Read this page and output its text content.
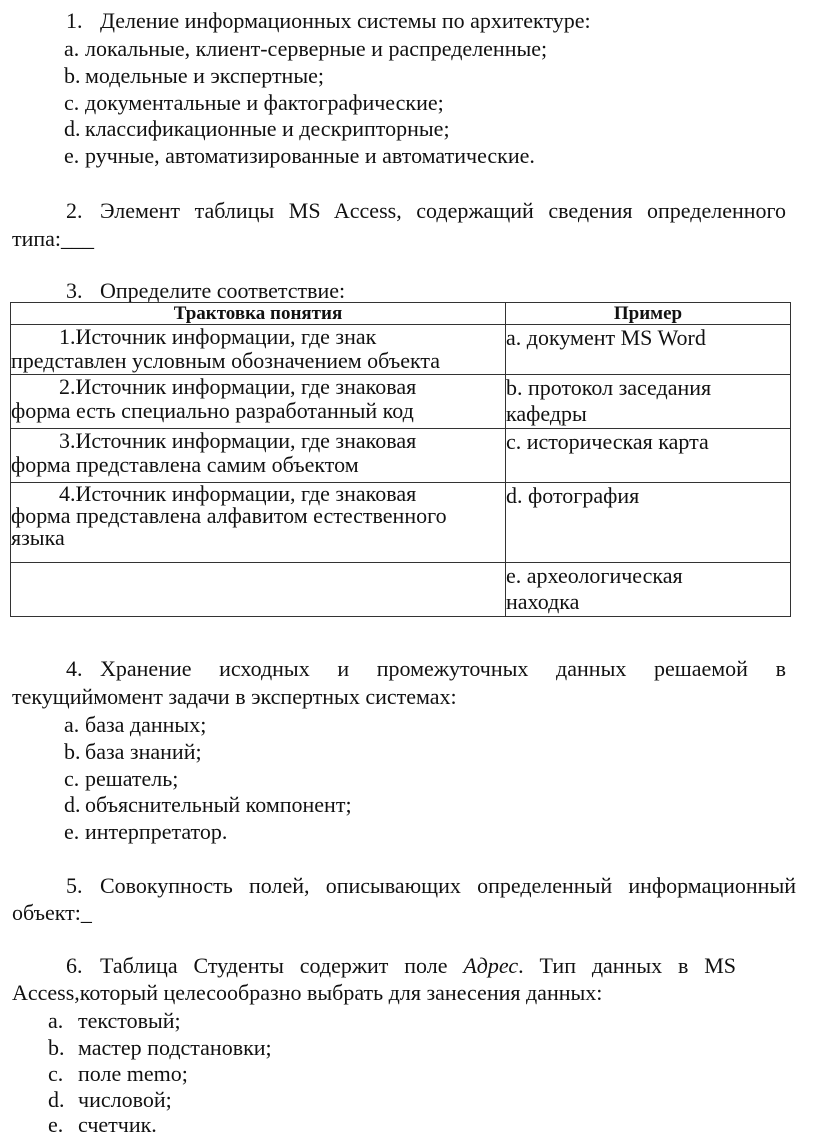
1. Деление информационных системы по архитектуре:
a. локальные, клиент-серверные и распределенные;
b. модельные и экспертные;
c. документальные и фактографические;
d. классификационные и дескрипторные;
e. ручные, автоматизированные и автоматические.
2. Элемент таблицы MS Access, содержащий сведения определенного
типа:___
3. Определите соответствие:
Трактовка понятия	Пример

1.Источник информации, где знак
представлен условным обозначением объекта	a. документ MS Word

2.Источник информации, где знаковая
форма есть специально разработанный код	b. протокол заседания
кафедры

3.Источник информации, где знаковая
форма представлена самим объектом	c. историческая карта

4.Источник информации, где знаковая
форма представлена алфавитом естественного
языка	d. фотография
	e. археологическая
находка
4. Хранение исходных и промежуточных данных решаемой в
текущиймомент задачи в экспертных системах:
a. база данных;
b. база знаний;
c. решатель;
d. объяснительный компонент;
e. интерпретатор.
5. Совокупность полей, описывающих определенный информационный
объект:_
6. Таблица Студенты содержит поле Адрес. Тип данных в MS
Access,который целесообразно выбрать для занесения данных:
a. текстовый;
b. мастер подстановки;
c. поле memo;
d. числовой;
e. счетчик.
